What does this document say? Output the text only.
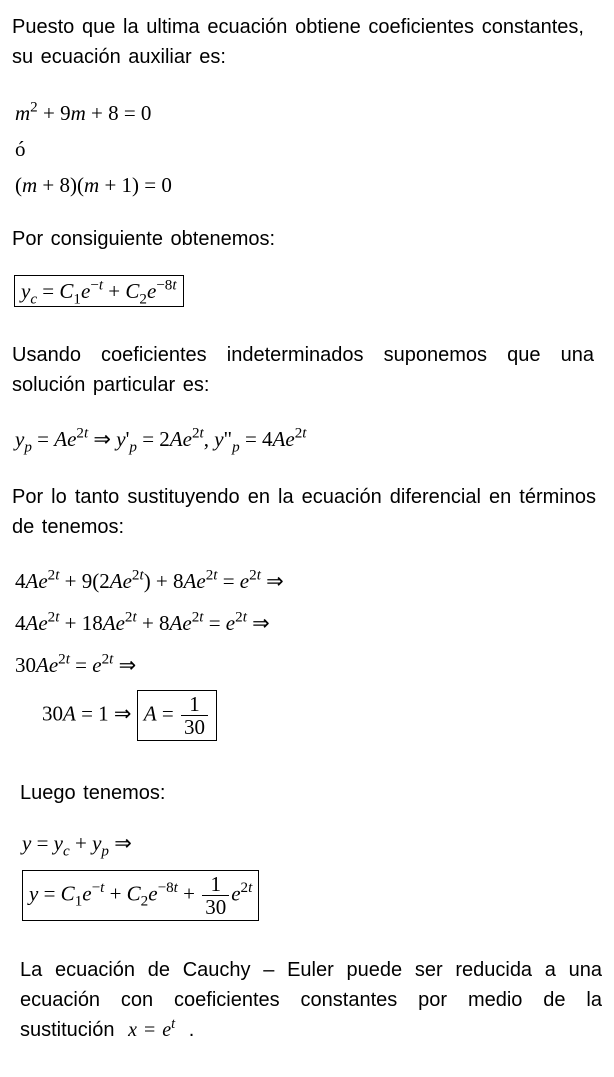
Puesto que la ultima ecuación obtiene coeficientes constantes, su ecuación auxiliar es:
$m^2 + 9m + 8 = 0$
ó
(m + 8)(m + 1) = 0
Por consiguiente obtenemos:
$y_c = C_1e^{-t} + C_2e^{-8t}$
Usando coeficientes indeterminados suponemos que una solución particular es:
$y_p = Ae^{2t}$ ⇒ $y'_p = 2Ae^{2t}$, $y"_p = 4Ae^{2t}$
Por lo tanto sustituyendo en la ecuación diferencial en términos de tenemos:
$4Ae^{2t} + 9(2Ae^{2t}) + 8Ae^{2t} = e^{2t}$ ⇒
$4Ae^{2t} + 18Ae^{2t} + 8Ae^{2t} = e^{2t}$ ⇒
$30Ae^{2t} = e^{2t}$ ⇒
30A = 1 ⇒ $A = \frac{1}{30}$
Luego tenemos:
$y = y_c + y_p$ ⇒
$y = C_1e^{-t} + C_2e^{-8t} + \frac{1}{30} e^{2t}$
La ecuación de Cauchy – Euler puede ser reducida a una ecuación con coeficientes constantes por medio de la sustitución $x = e^t$ .
